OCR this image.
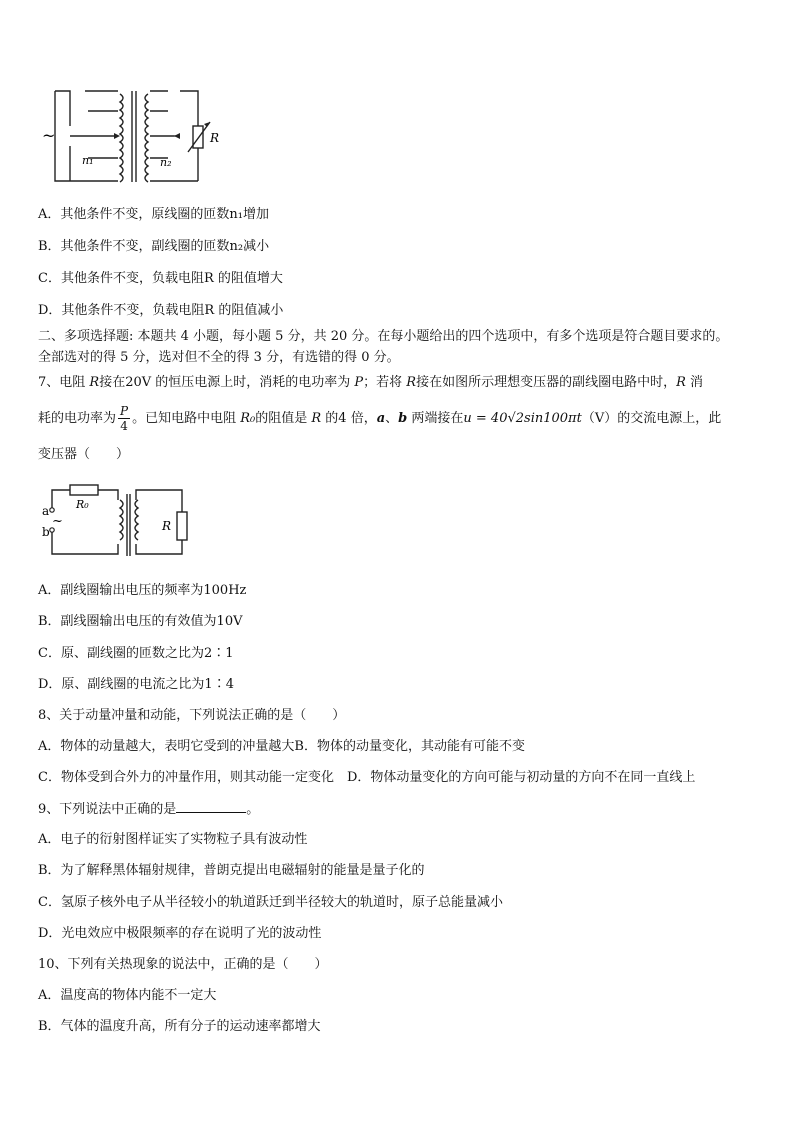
~
n₁	n₂
R
A．其他条件不变，原线圈的匝数n₁增加
B．其他条件不变，副线圈的匝数n₂减小
C．其他条件不变，负载电阻R 的阻值增大
D．其他条件不变，负载电阻R 的阻值减小
二、多项选择题: 本题共 4 小题，每小题 5 分，共 20 分。在每小题给出的四个选项中，有多个选项是符合题目要求的。
全部选对的得 5 分，选对但不全的得 3 分，有选错的得 0 分。
7、电阻 R接在20V 的恒压电源上时，消耗的电功率为 P；若将 R接在如图所示理想变压器的副线圈电路中时，R 消
耗的电功率为 $\frac{P}{4}$ 。已知电路中电阻 R₀的阻值是 R 的4 倍，a、b 两端接在u = 40√2sin100πt（V）的交流电源上，此
变压器（　　）
R₀
a
~
b	R
A．副线圈输出电压的频率为100Hz
B．副线圈输出电压的有效值为10V
C．原、副线圈的匝数之比为2∶1
D．原、副线圈的电流之比为1∶4
8、关于动量冲量和动能，下列说法正确的是（　　）
A．物体的动量越大，表明它受到的冲量越大B．物体的动量变化，其动能有可能不变
C．物体受到合外力的冲量作用，则其动能一定变化　D．物体动量变化的方向可能与初动量的方向不在同一直线上
9、下列说法中正确的是	。
A．电子的衍射图样证实了实物粒子具有波动性
B．为了解释黑体辐射规律，普朗克提出电磁辐射的能量是量子化的
C．氢原子核外电子从半径较小的轨道跃迁到半径较大的轨道时，原子总能量减小
D．光电效应中极限频率的存在说明了光的波动性
10、下列有关热现象的说法中，正确的是（　　）
A．温度高的物体内能不一定大
B．气体的温度升高，所有分子的运动速率都增大
